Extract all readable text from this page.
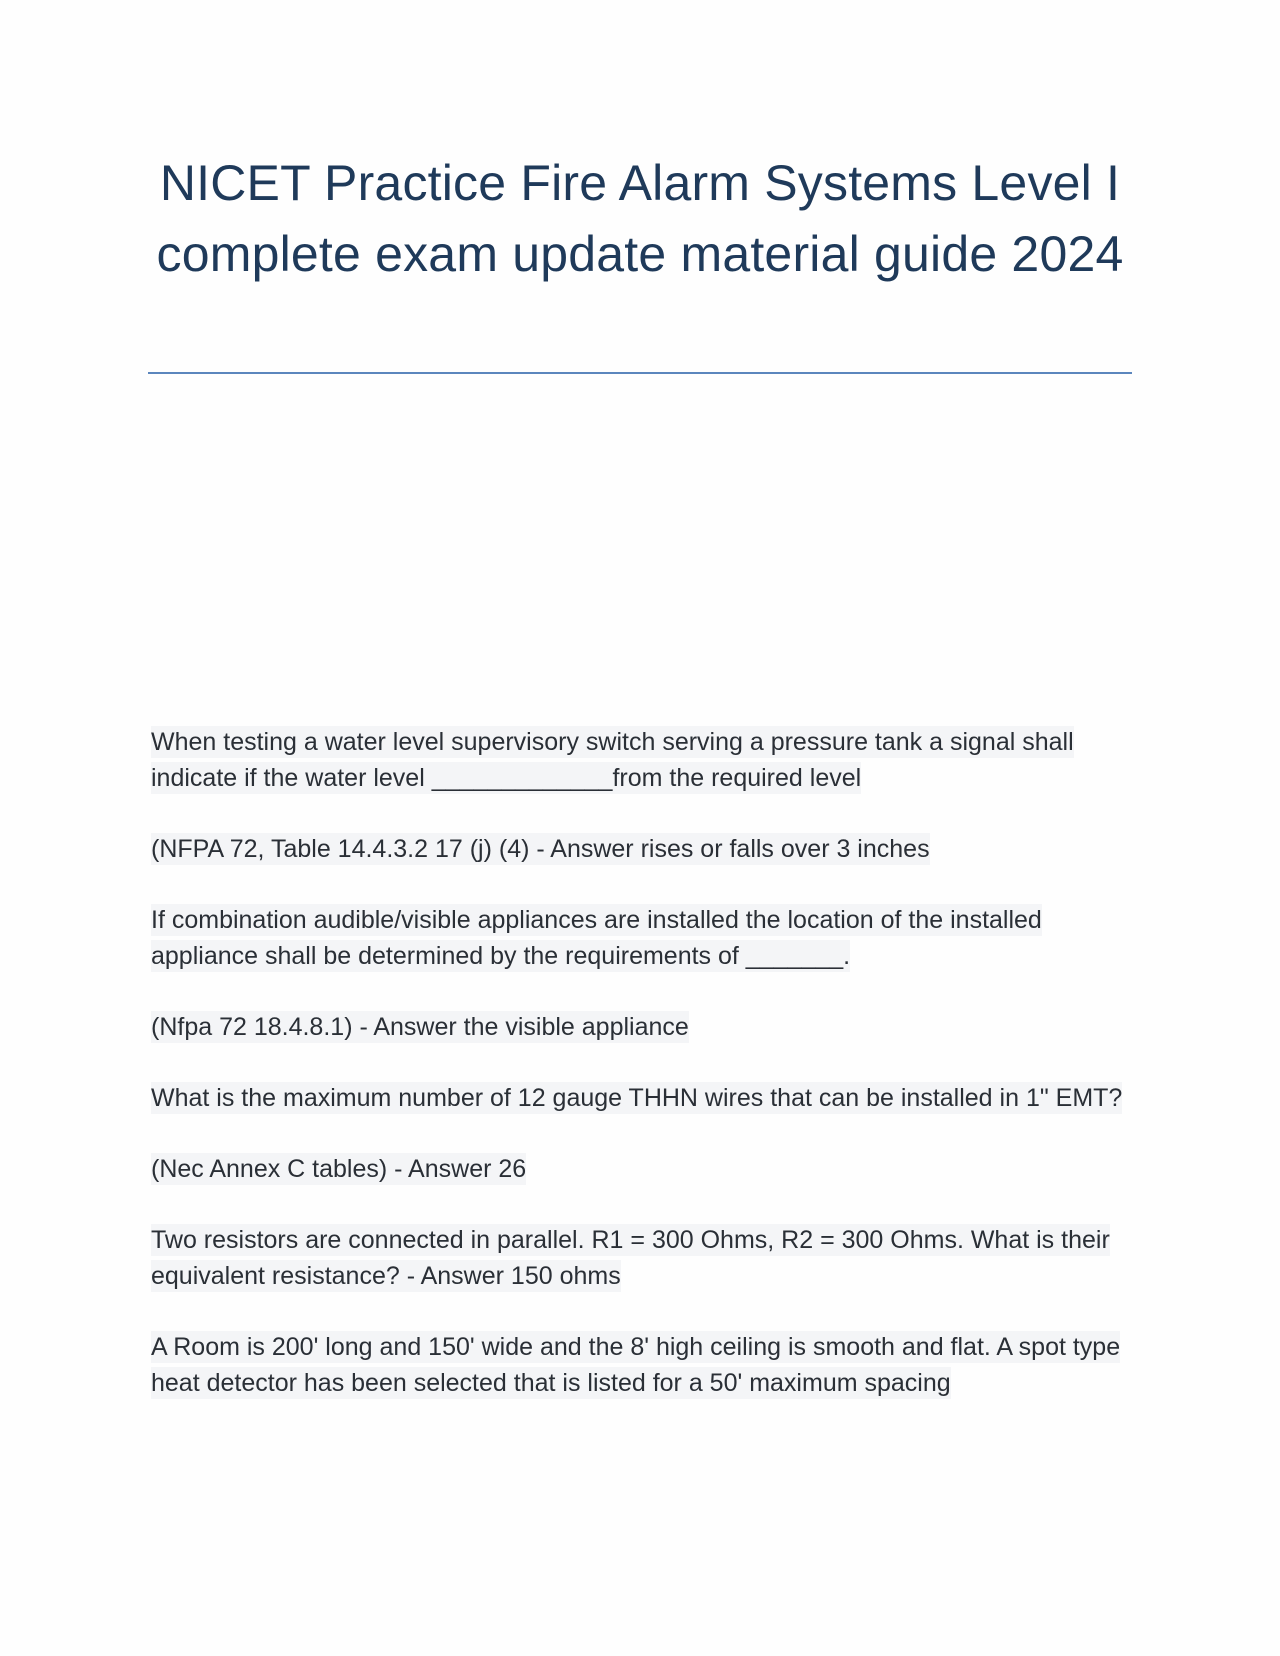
NICET Practice Fire Alarm Systems Level I complete exam update material guide 2024

When testing a water level supervisory switch serving a pressure tank a signal shall indicate if the water level _____________from the required level

(NFPA 72, Table 14.4.3.2 17 (j) (4) - Answer rises or falls over 3 inches

If combination audible/visible appliances are installed the location of the installed appliance shall be determined by the requirements of _______.

(Nfpa 72 18.4.8.1) - Answer the visible appliance

What is the maximum number of 12 gauge THHN wires that can be installed in 1" EMT?

(Nec Annex C tables) - Answer 26

Two resistors are connected in parallel. R1 = 300 Ohms, R2 = 300 Ohms. What is their equivalent resistance? - Answer 150 ohms

A Room is 200' long and 150' wide and the 8' high ceiling is smooth and flat. A spot type heat detector has been selected that is listed for a 50' maximum spacing
